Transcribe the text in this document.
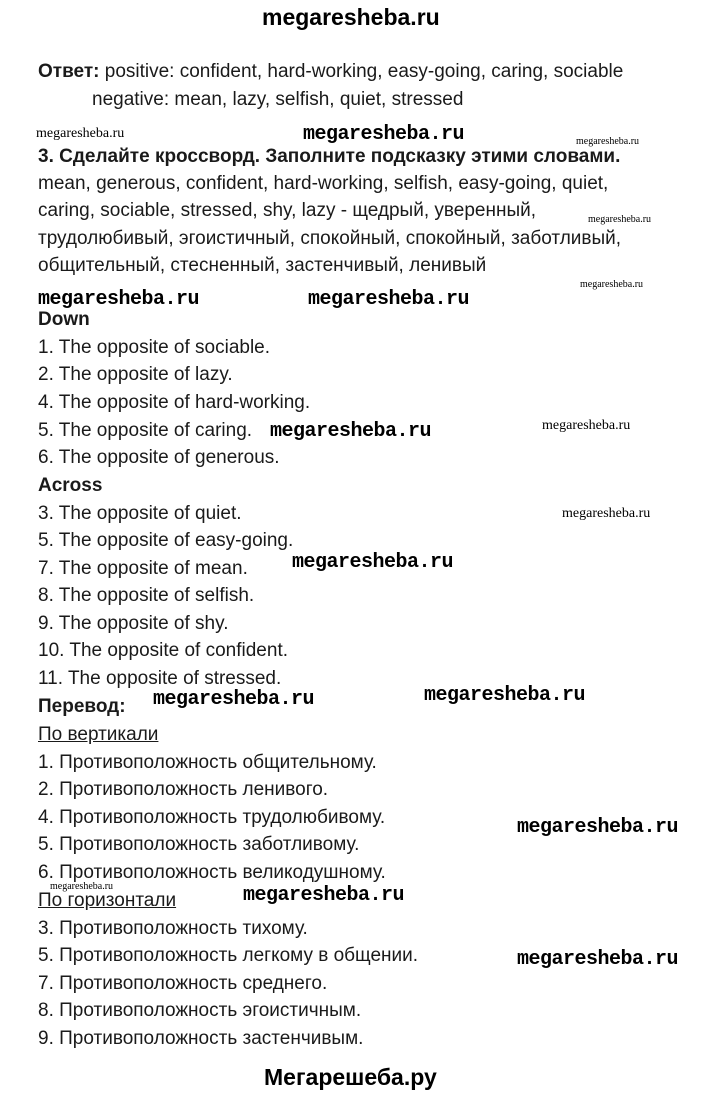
megaresheba.ru
Ответ: positive: confident, hard-working, easy-going, caring, sociable
negative: mean, lazy, selfish, quiet, stressed
3. Сделайте кроссворд. Заполните подсказку этими словами.
mean, generous, confident, hard-working, selfish, easy-going, quiet,
caring, sociable, stressed, shy, lazy - щедрый, уверенный,
трудолюбивый, эгоистичный, спокойный, спокойный, заботливый,
общительный, стесненный, застенчивый, ленивый
Down
1. The opposite of sociable.
2. The opposite of lazy.
4. The opposite of hard-working.
5. The opposite of caring.
6. The opposite of generous.
Across
3. The opposite of quiet.
5. The opposite of easy-going.
7. The opposite of mean.
8. The opposite of selfish.
9. The opposite of shy.
10. The opposite of confident.
11. The opposite of stressed.
Перевод:
По вертикали
1. Противоположность общительному.
2. Противоположность ленивого.
4. Противоположность трудолюбивому.
5. Противоположность заботливому.
6. Противоположность великодушному.
По горизонтали
3. Противоположность тихому.
5. Противоположность легкому в общении.
7. Противоположность среднего.
8. Противоположность эгоистичным.
9. Противоположность застенчивым.
megaresheba.ru	megaresheba.ru	megaresheba.ru
megaresheba.ru
megaresheba.ru
megaresheba.ru	megaresheba.ru
megaresheba.ru	megaresheba.ru
megaresheba.ru
megaresheba.ru
megaresheba.ru	megaresheba.ru
megaresheba.ru
megaresheba.ru	megaresheba.ru
megaresheba.ru
Мегарешеба.ру
